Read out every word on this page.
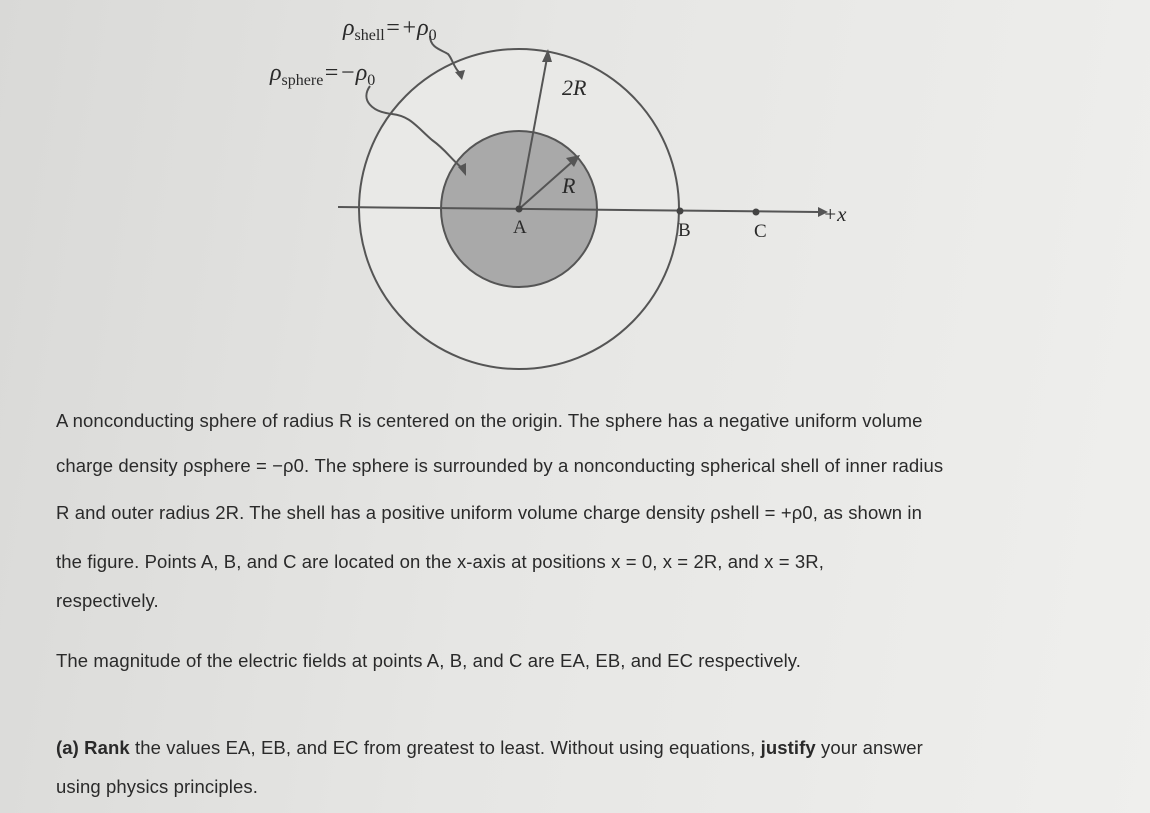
$\rho_{shell}=+\rho_0$
$\rho_{sphere}=-\rho_0$	2R
R
A	B	C
+x
A nonconducting sphere of radius R is centered on the origin. The sphere has a negative uniform volume
charge density ρsphere = −ρ0. The sphere is surrounded by a nonconducting spherical shell of inner radius
R and outer radius 2R. The shell has a positive uniform volume charge density ρshell = +ρ0, as shown in
the figure. Points A, B, and C are located on the x-axis at positions x = 0, x = 2R, and x = 3R,
respectively.
The magnitude of the electric fields at points A, B, and C are EA, EB, and EC respectively.
(a) Rank the values EA, EB, and EC from greatest to least. Without using equations, justify your answer
using physics principles.
